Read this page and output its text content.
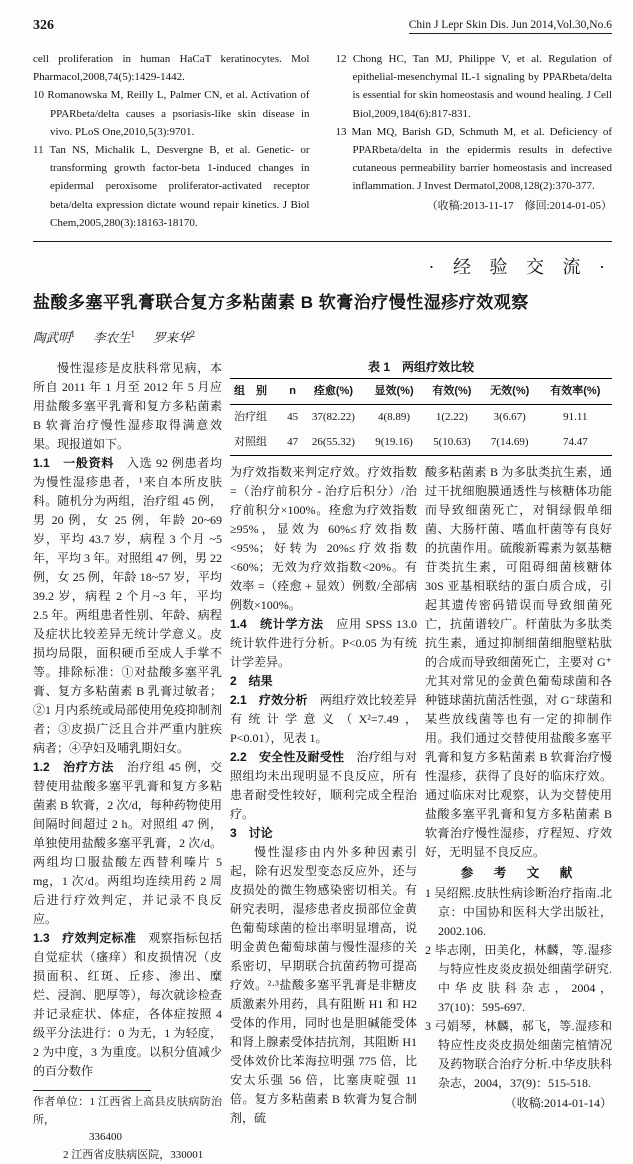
326	Chin J Lepr Skin Dis. Jun 2014,Vol.30,No.6

cell proliferation in human HaCaT keratinocytes. Mol Pharmacol,2008,74(5):1429-1442.

10 Romanowska M, Reilly L, Palmer CN, et al. Activation of PPARbeta/delta causes a psoriasis-like skin disease in vivo. PLoS One,2010,5(3):9701.

11 Tan NS, Michalik L, Desvergne B, et al. Genetic- or transforming growth factor-beta 1-induced changes in epidermal peroxisome proliferator-activated receptor beta/delta expression dictate wound repair kinetics. J Biol Chem,2005,280(3):18163-18170.

12 Chong HC, Tan MJ, Philippe V, et al. Regulation of epithelial-mesenchymal IL-1 signaling by PPARbeta/delta is essential for skin homeostasis and wound healing. J Cell Biol,2009,184(6):817-831.

13 Man MQ, Barish GD, Schmuth M, et al. Deficiency of PPARbeta/delta in the epidermis results in defective cutaneous permeability barrier homeostasis and increased inflammation. J Invest Dermatol,2008,128(2):370-377.

（收稿:2013-11-17　修回:2014-01-05）

· 经 验 交 流 ·
盐酸多塞平乳膏联合复方多粘菌素 B 软膏治疗慢性湿疹疗效观察
陶武明$^1$ 李农生$^1$ 罗来华$^2$

慢性湿疹是皮肤科常见病，本所自 2011 年 1 月至 2012 年 5 月应用盐酸多塞平乳膏和复方多粘菌素 B 软膏治疗慢性湿疹取得满意效果。现报道如下。

1.1　一般资料　入选 92 例患者均为慢性湿疹患者，¹来自本所皮肤科。随机分为两组，治疗组 45 例，男 20 例，女 25 例，年龄 20~69 岁，平均 43.7 岁，病程 3 个月 ~5 年，平均 3 年。对照组 47 例，男 22 例，女 25 例，年龄 18~57 岁，平均 39.2 岁，病程 2 个月~3 年，平均 2.5 年。两组患者性别、年龄、病程及症状比较差异无统计学意义。皮损均局限，面积硬币至成人手掌不等。排除标准：①对盐酸多塞平乳膏、复方多粘菌素 B 乳膏过敏者；②1 月内系统或局部使用免疫抑制剂者；③皮损广泛且合并严重内脏疾病者；④孕妇及哺乳期妇女。

1.2　治疗方法　治疗组 45 例，交替使用盐酸多塞平乳膏和复方多粘菌素 B 软膏，2 次/d，每种药物使用间隔时间超过 2 h。对照组 47 例，单独使用盐酸多塞平乳膏，2 次/d。两组均口服盐酸左西替利嗪片 5 mg，1 次/d。两组均连续用药 2 周后进行疗效判定，并记录不良反应。

1.3　疗效判定标准　观察指标包括自觉症状（瘙痒）和皮损情况（皮损面积、红斑、丘疹、渗出、糜烂、浸润、肥厚等），每次就诊检查并记录症状、体症，各体症按照 4 级平分法进行：0 为无，1 为轻度，2 为中度，3 为重度。以积分值减少的百分数作

作者单位：1 江西省上高县皮肤病防治所，
336400
2 江西省皮肤病医院，330001
表 1　两组疗效比较
组　别	n	痊愈(%)	显效(%)	有效(%)	无效(%)	有效率(%)
治疗组	45	37(82.22)	4(8.89)	1(2.22)	3(6.67)	91.11
对照组	47	26(55.32)	9(19.16)	5(10.63)	7(14.69)	74.47

为疗效指数来判定疗效。疗效指数 =（治疗前积分 - 治疗后积分）/治疗前积分×100%。痊愈为疗效指数≥95%，显效为 60%≤疗效指数<95%；好转为 20%≤疗效指数<60%；无效为疗效指数<20%。有效率 =（痊愈 + 显效）例数/全部病例数×100%。

1.4　统计学方法　应用 SPSS 13.0 统计软件进行分析。P<0.05 为有统计学差异。

2　结果

2.1　疗效分析　两组疗效比较差异有统计学意义（X²=7.49，P<0.01），见表 1。

2.2　安全性及耐受性　治疗组与对照组均未出现明显不良反应，所有患者耐受性较好，顺利完成全程治疗。

3　讨论

慢性湿疹由内外多种因素引起，除有迟发型变态反应外，还与皮损处的微生物感染密切相关。有研究表明，湿疹患者皮损部位金黄色葡萄球菌的检出率明显增高，说明金黄色葡萄球菌与慢性湿疹的关系密切，早期联合抗菌药物可提高疗效。²·³盐酸多塞平乳膏是非糖皮质激素外用药，具有阻断 H1 和 H2 受体的作用，同时也是胆碱能受体和肾上腺素受体拮抗剂，其阻断 H1 受体效价比苯海拉明强 775 倍，比安太乐强 56 倍，比塞庚啶强 11 倍。复方多粘菌素 B 软膏为复合制剂，硫

酸多粘菌素 B 为多肽类抗生素，通过干扰细胞膜通透性与核糖体功能而导致细菌死亡，对铜绿假单细菌、大肠杆菌、嗜血杆菌等有良好的抗菌作用。硫酸新霉素为氨基糖苷类抗生素，可阻碍细菌核糖体 30S 亚基相联结的蛋白质合成，引起其遗传密码错误而导致细菌死亡，抗菌谱较广。杆菌肽为多肽类抗生素，通过抑制细菌细胞壁粘肽的合成而导致细菌死亡，主要对 G⁺尤其对常见的金黄色葡萄球菌和各种链球菌抗菌活性强，对 G⁻球菌和某些放线菌等也有一定的抑制作用。我们通过交替使用盐酸多塞平乳膏和复方多粘菌素 B 软膏治疗慢性湿疹，获得了良好的临床疗效。通过临床对比观察，认为交替使用盐酸多塞平乳膏和复方多粘菌素 B 软膏治疗慢性湿疹，疗程短、疗效好，无明显不良反应。

参　考　文　献

1 吴绍熙.皮肤性病诊断治疗指南.北京：中国协和医科大学出版社，2002.106.

2 毕志刚，田美化，林麟，等.湿疹与特应性皮炎皮损处细菌学研究.中华皮肤科杂志，2004，37(10)：595-697.

3 弓娟琴，林麟，郝飞，等.湿疹和特应性皮炎皮损处细菌完植情况及药物联合治疗分析.中华皮肤科杂志，2004，37(9)：515-518.

（收稿:2014-01-14）
